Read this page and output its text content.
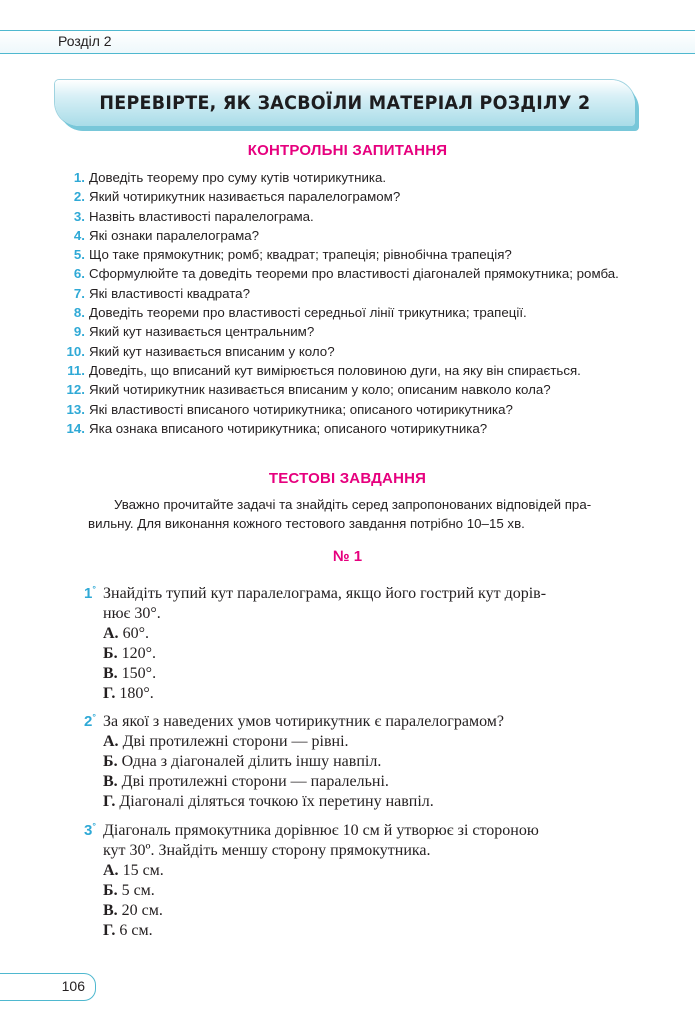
Розділ 2
ПЕРЕВІРТЕ, ЯК ЗАСВОЇЛИ МАТЕРІАЛ РОЗДІЛУ 2
КОНТРОЛЬНІ ЗАПИТАННЯ
1. Доведіть теорему про суму кутів чотирикутника.
2. Який чотирикутник називається паралелограмом?
3. Назвіть властивості паралелограма.
4. Які ознаки паралелограма?
5. Що таке прямокутник; ромб; квадрат; трапеція; рівнобічна трапеція?
6. Сформулюйте та доведіть теореми про властивості діагоналей прямокутника; ромба.
7. Які властивості квадрата?
8. Доведіть теореми про властивості середньої лінії трикутника; трапеції.
9. Який кут називається центральним?
10. Який кут називається вписаним у коло?
11. Доведіть, що вписаний кут вимірюється половиною дуги, на яку він спирається.
12. Який чотирикутник називається вписаним у коло; описаним навколо кола?
13. Які властивості вписаного чотирикутника; описаного чотирикутника?
14. Яка ознака вписаного чотирикутника; описаного чотирикутника?
ТЕСТОВІ ЗАВДАННЯ
Уважно прочитайте задачі та знайдіть серед запропонованих відповідей пра-
вильну. Для виконання кожного тестового завдання потрібно 10–15 хв.
№ 1
1° Знайдіть тупий кут паралелограма, якщо його гострий кут дорів-
нює 30°.
А. 60°.
Б. 120°.
В. 150°.
Г. 180°.
2° За якої з наведених умов чотирикутник є паралелограмом?
А. Дві протилежні сторони — рівні.
Б. Одна з діагоналей ділить іншу навпіл.
В. Дві протилежні сторони — паралельні.
Г. Діагоналі діляться точкою їх перетину навпіл.
3° Діагональ прямокутника дорівнює 10 см й утворює зі стороною
кут 30º. Знайдіть меншу сторону прямокутника.
А. 15 см.
Б. 5 см.
В. 20 см.
Г. 6 см.
106
